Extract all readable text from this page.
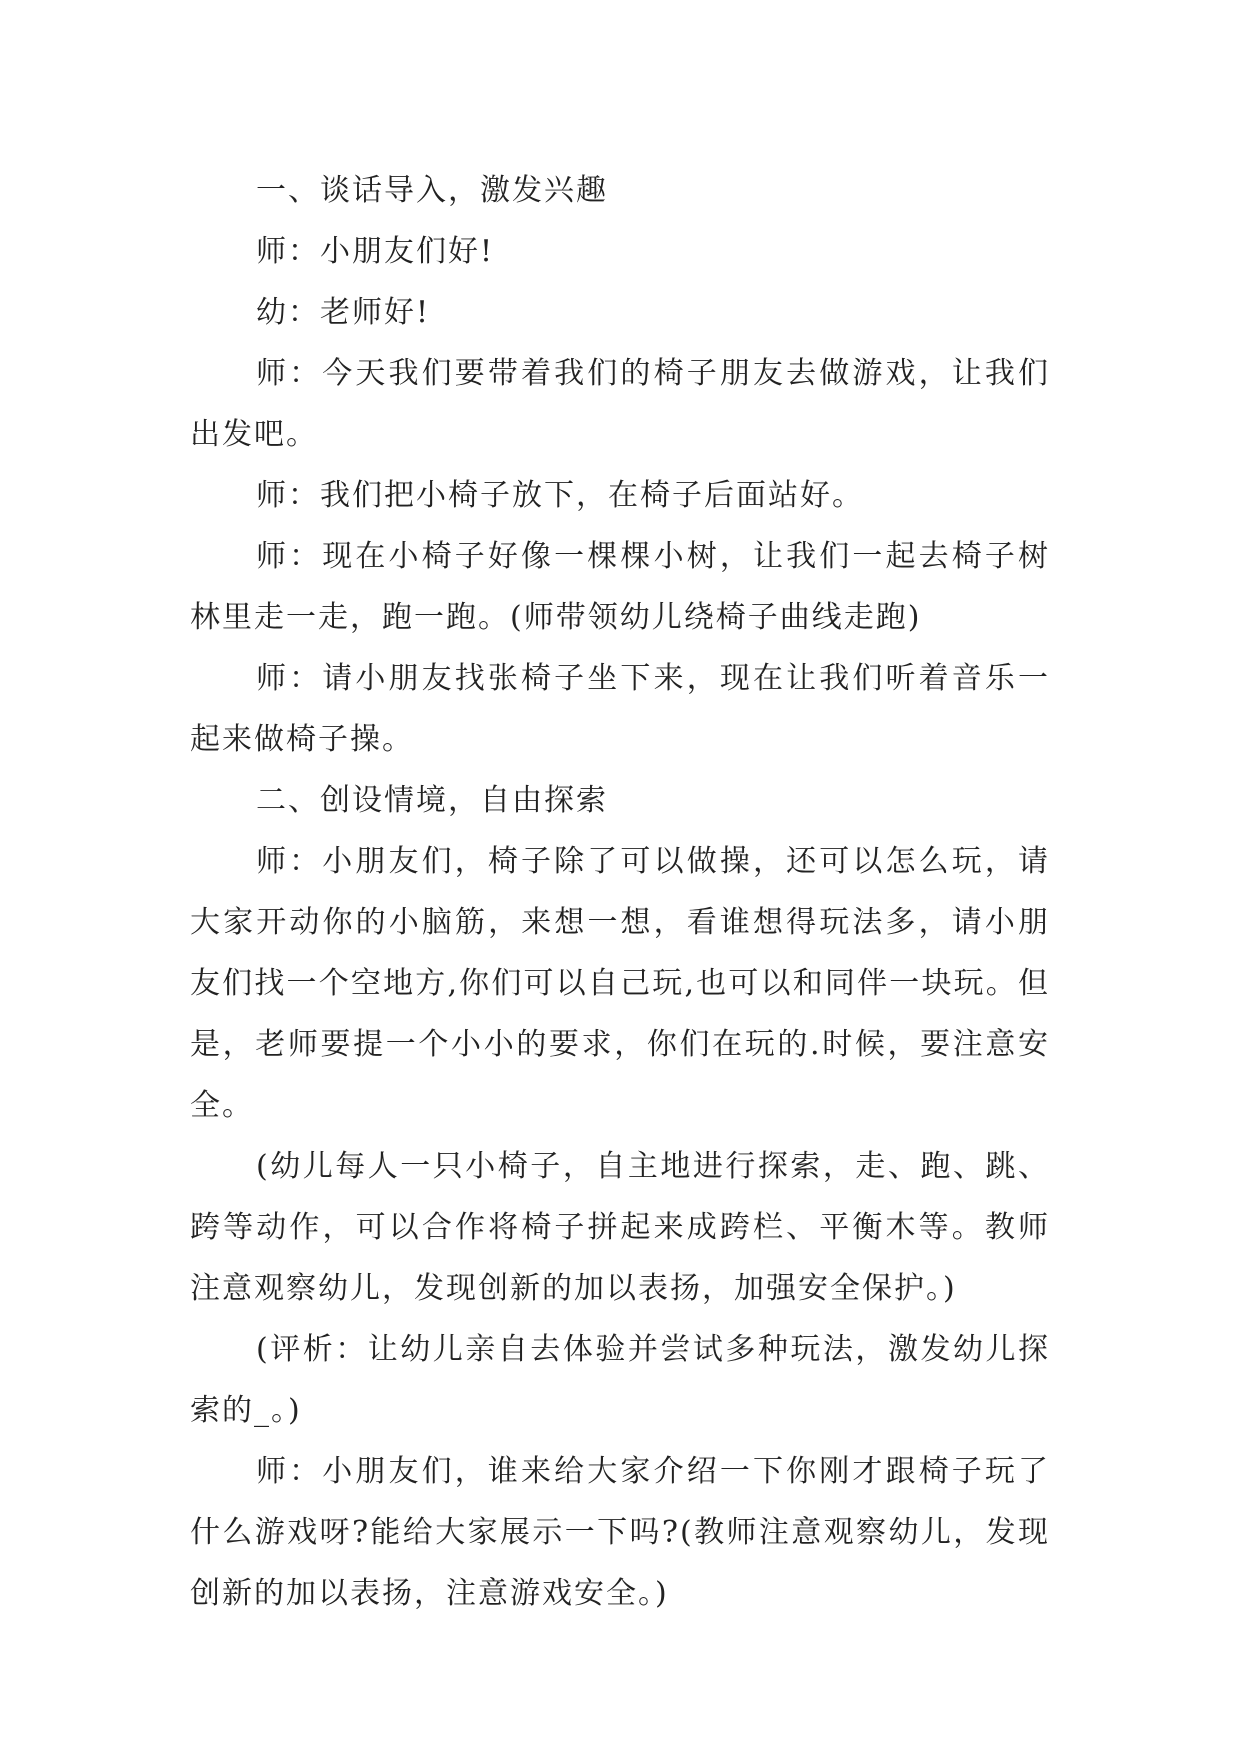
一、谈话导入，激发兴趣

师：小朋友们好!

幼：老师好!

师：今天我们要带着我们的椅子朋友去做游戏，让我们出发吧。

师：我们把小椅子放下，在椅子后面站好。

师：现在小椅子好像一棵棵小树，让我们一起去椅子树林里走一走，跑一跑。(师带领幼儿绕椅子曲线走跑)

师：请小朋友找张椅子坐下来，现在让我们听着音乐一起来做椅子操。

二、创设情境，自由探索

师：小朋友们，椅子除了可以做操，还可以怎么玩，请大家开动你的小脑筋，来想一想，看谁想得玩法多，请小朋友们找一个空地方,你们可以自己玩,也可以和同伴一块玩。但是，老师要提一个小小的要求，你们在玩的.时候，要注意安全。

(幼儿每人一只小椅子，自主地进行探索，走、跑、跳、跨等动作，可以合作将椅子拼起来成跨栏、平衡木等。教师注意观察幼儿，发现创新的加以表扬，加强安全保护。)

(评析：让幼儿亲自去体验并尝试多种玩法，激发幼儿探索的_。)

师：小朋友们，谁来给大家介绍一下你刚才跟椅子玩了什么游戏呀?能给大家展示一下吗?(教师注意观察幼儿，发现创新的加以表扬，注意游戏安全。)
